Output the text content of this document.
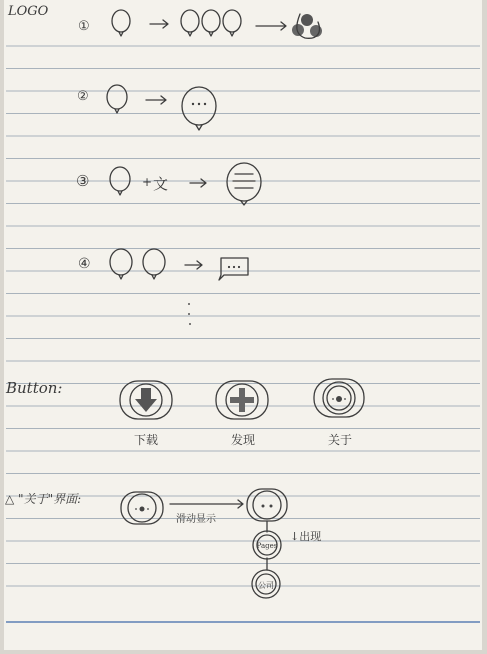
LOGO
①
②
③	+ 文
④
Button:
下载	发现	关于
△ "关于"界面:
滑动显示
↓出现
Pages
公司
